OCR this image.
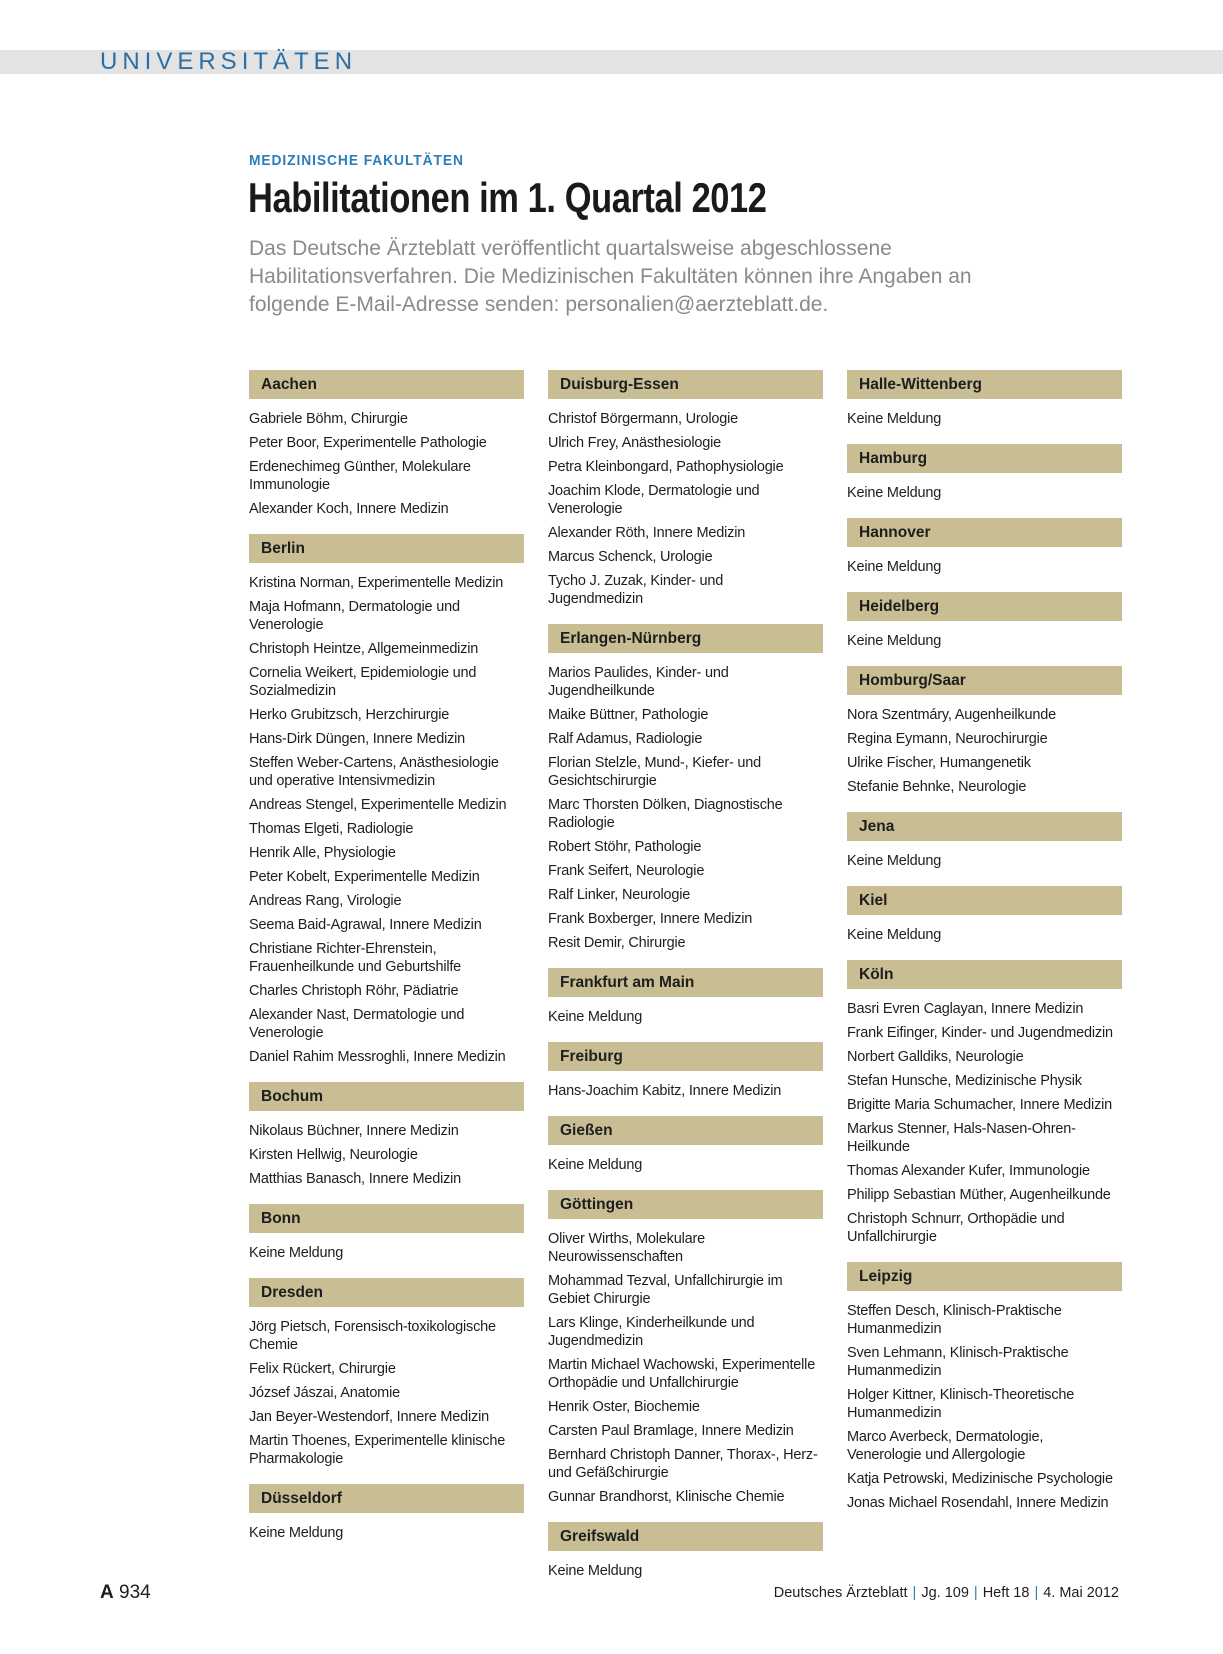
UNIVERSITÄTEN
MEDIZINISCHE FAKULTÄTEN
Habilitationen im 1. Quartal 2012
Das Deutsche Ärzteblatt veröffentlicht quartalsweise abgeschlossene Habilitationsverfahren. Die Medizinischen Fakultäten können ihre Angaben an folgende E-Mail-Adresse senden: personalien@aerzteblatt.de.
Aachen
Gabriele Böhm, Chirurgie
Peter Boor, Experimentelle Pathologie
Erdenechimeg Günther, Molekulare Immunologie
Alexander Koch, Innere Medizin
Berlin
Kristina Norman, Experimentelle Medizin
Maja Hofmann, Dermatologie und Venerologie
Christoph Heintze, Allgemeinmedizin
Cornelia Weikert, Epidemiologie und Sozialmedizin
Herko Grubitzsch, Herzchirurgie
Hans-Dirk Düngen, Innere Medizin
Steffen Weber-Cartens, Anästhesiologie und operative Intensivmedizin
Andreas Stengel, Experimentelle Medizin
Thomas Elgeti, Radiologie
Henrik Alle, Physiologie
Peter Kobelt, Experimentelle Medizin
Andreas Rang, Virologie
Seema Baid-Agrawal, Innere Medizin
Christiane Richter-Ehrenstein, Frauenheilkunde und Geburtshilfe
Charles Christoph Röhr, Pädiatrie
Alexander Nast, Dermatologie und Venerologie
Daniel Rahim Messroghli, Innere Medizin
Bochum
Nikolaus Büchner, Innere Medizin
Kirsten Hellwig, Neurologie
Matthias Banasch, Innere Medizin
Bonn
Keine Meldung
Dresden
Jörg Pietsch, Forensisch-toxikologische Chemie
Felix Rückert, Chirurgie
József Jászai, Anatomie
Jan Beyer-Westendorf, Innere Medizin
Martin Thoenes, Experimentelle klinische Pharmakologie
Düsseldorf
Keine Meldung
Duisburg-Essen
Christof Börgermann, Urologie
Ulrich Frey, Anästhesiologie
Petra Kleinbongard, Pathophysiologie
Joachim Klode, Dermatologie und Venerologie
Alexander Röth, Innere Medizin
Marcus Schenck, Urologie
Tycho J. Zuzak, Kinder- und Jugendmedizin
Erlangen-Nürnberg
Marios Paulides, Kinder- und Jugendheilkunde
Maike Büttner, Pathologie
Ralf Adamus, Radiologie
Florian Stelzle, Mund-, Kiefer- und Gesichtschirurgie
Marc Thorsten Dölken, Diagnostische Radiologie
Robert Stöhr, Pathologie
Frank Seifert, Neurologie
Ralf Linker, Neurologie
Frank Boxberger, Innere Medizin
Resit Demir, Chirurgie
Frankfurt am Main
Keine Meldung
Freiburg
Hans-Joachim Kabitz, Innere Medizin
Gießen
Keine Meldung
Göttingen
Oliver Wirths, Molekulare Neurowissenschaften
Mohammad Tezval, Unfallchirurgie im Gebiet Chirurgie
Lars Klinge, Kinderheilkunde und Jugendmedizin
Martin Michael Wachowski, Experimentelle Orthopädie und Unfallchirurgie
Henrik Oster, Biochemie
Carsten Paul Bramlage, Innere Medizin
Bernhard Christoph Danner, Thorax-, Herz- und Gefäßchirurgie
Gunnar Brandhorst, Klinische Chemie
Greifswald
Keine Meldung
Halle-Wittenberg
Keine Meldung
Hamburg
Keine Meldung
Hannover
Keine Meldung
Heidelberg
Keine Meldung
Homburg/Saar
Nora Szentmáry, Augenheilkunde
Regina Eymann, Neurochirurgie
Ulrike Fischer, Humangenetik
Stefanie Behnke, Neurologie
Jena
Keine Meldung
Kiel
Keine Meldung
Köln
Basri Evren Caglayan, Innere Medizin
Frank Eifinger, Kinder- und Jugendmedizin
Norbert Galldiks, Neurologie
Stefan Hunsche, Medizinische Physik
Brigitte Maria Schumacher, Innere Medizin
Markus Stenner, Hals-Nasen-Ohren-Heilkunde
Thomas Alexander Kufer, Immunologie
Philipp Sebastian Müther, Augenheilkunde
Christoph Schnurr, Orthopädie und Unfallchirurgie
Leipzig
Steffen Desch, Klinisch-Praktische Humanmedizin
Sven Lehmann, Klinisch-Praktische Humanmedizin
Holger Kittner, Klinisch-Theoretische Humanmedizin
Marco Averbeck, Dermatologie, Venerologie und Allergologie
Katja Petrowski, Medizinische Psychologie
Jonas Michael Rosendahl, Innere Medizin
A 934	Deutsches Ärzteblatt | Jg. 109 | Heft 18 | 4. Mai 2012
